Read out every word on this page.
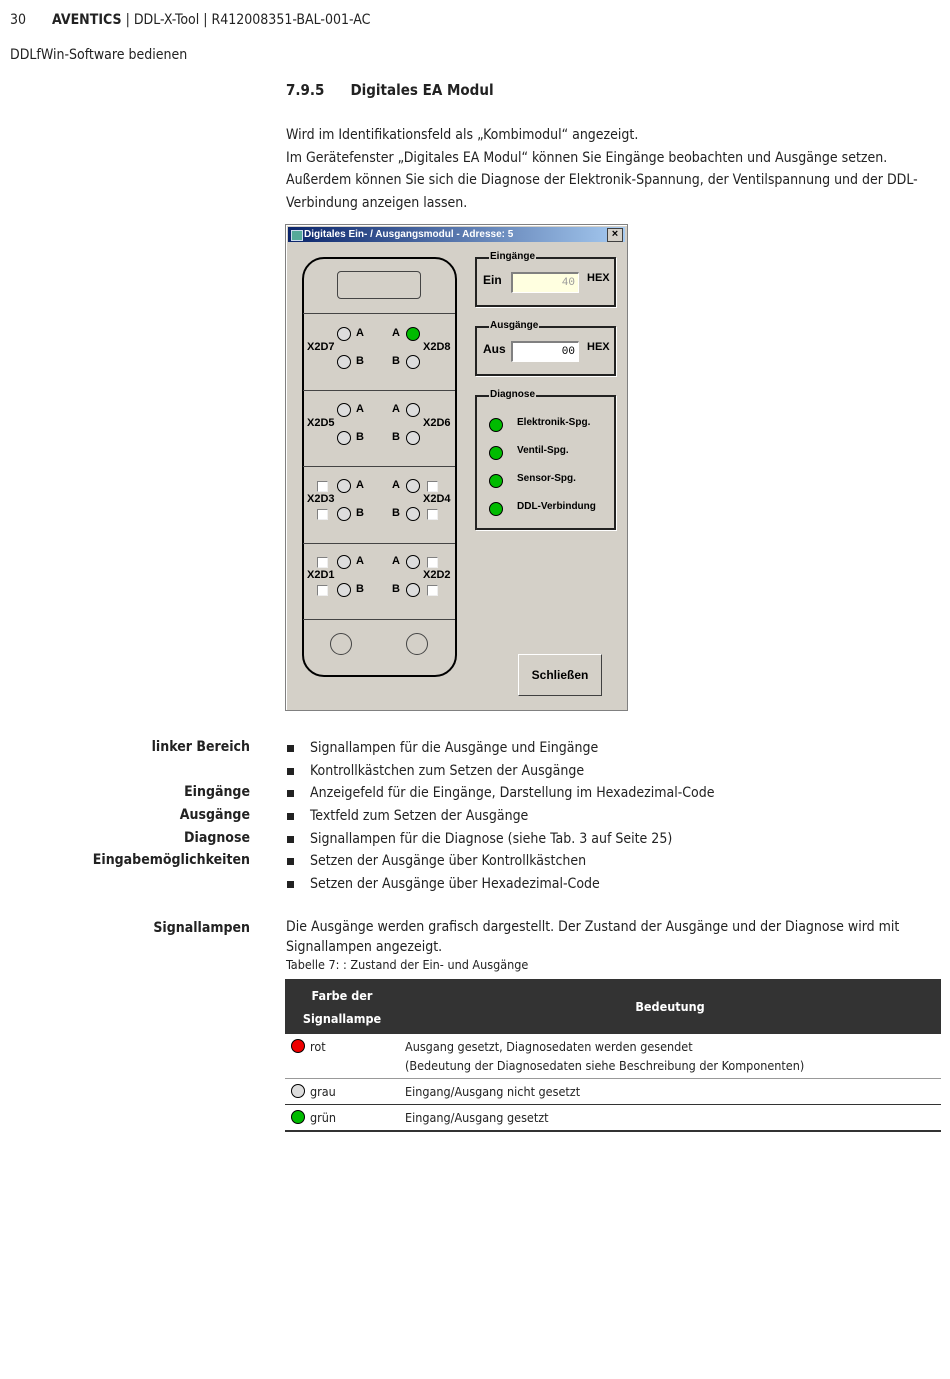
30 AVENTICS | DDL-X-Tool | R412008351-BAL-001-AC
DDLfWin-Software bedienen
7.9.5 Digitales EA Modul

Wird im Identifikationsfeld als „Kombimodul“ angezeigt.

Im Gerätefenster „Digitales EA Modul“ können Sie Eingänge beobachten und Ausgänge setzen.

Außerdem können Sie sich die Diagnose der Elektronik-Spannung, der Ventilspannung und der DDL-

Verbindung anzeigen lassen.

Digitales Ein- / Ausgangsmodul - Adresse: 5	×
A
B
A
B
X2D7	X2D8
A
B
A
B
X2D5	X2D6
A
B
A
B
X2D3	X2D4
A
B
A
B
X2D1	X2D2
Eingänge
Ein	40	HEX
Ausgänge
Aus	00	HEX
Diagnose
Elektronik-Spg.
Ventil-Spg.
Sensor-Spg.
DDL-Verbindung
Schließen
linker Bereich
Eingänge
Ausgänge
Diagnose
Eingabemöglichkeiten
Signallampen
Signallampen für die Ausgänge und Eingänge
Kontrollkästchen zum Setzen der Ausgänge
Anzeigefeld für die Eingänge, Darstellung im Hexadezimal-Code
Textfeld zum Setzen der Ausgänge
Signallampen für die Diagnose (siehe Tab. 3 auf Seite 25)
Setzen der Ausgänge über Kontrollkästchen
Setzen der Ausgänge über Hexadezimal-Code

Die Ausgänge werden grafisch dargestellt. Der Zustand der Ausgänge und der Diagnose wird mit

Signallampen angezeigt.

Tabelle 7: : Zustand der Ein- und Ausgänge
Farbe der
Signallampe	Bedeutung
rot	Ausgang gesetzt, Diagnosedaten werden gesendet
(Bedeutung der Diagnosedaten siehe Beschreibung der Komponenten)
grau	Eingang/Ausgang nicht gesetzt
grün	Eingang/Ausgang gesetzt
